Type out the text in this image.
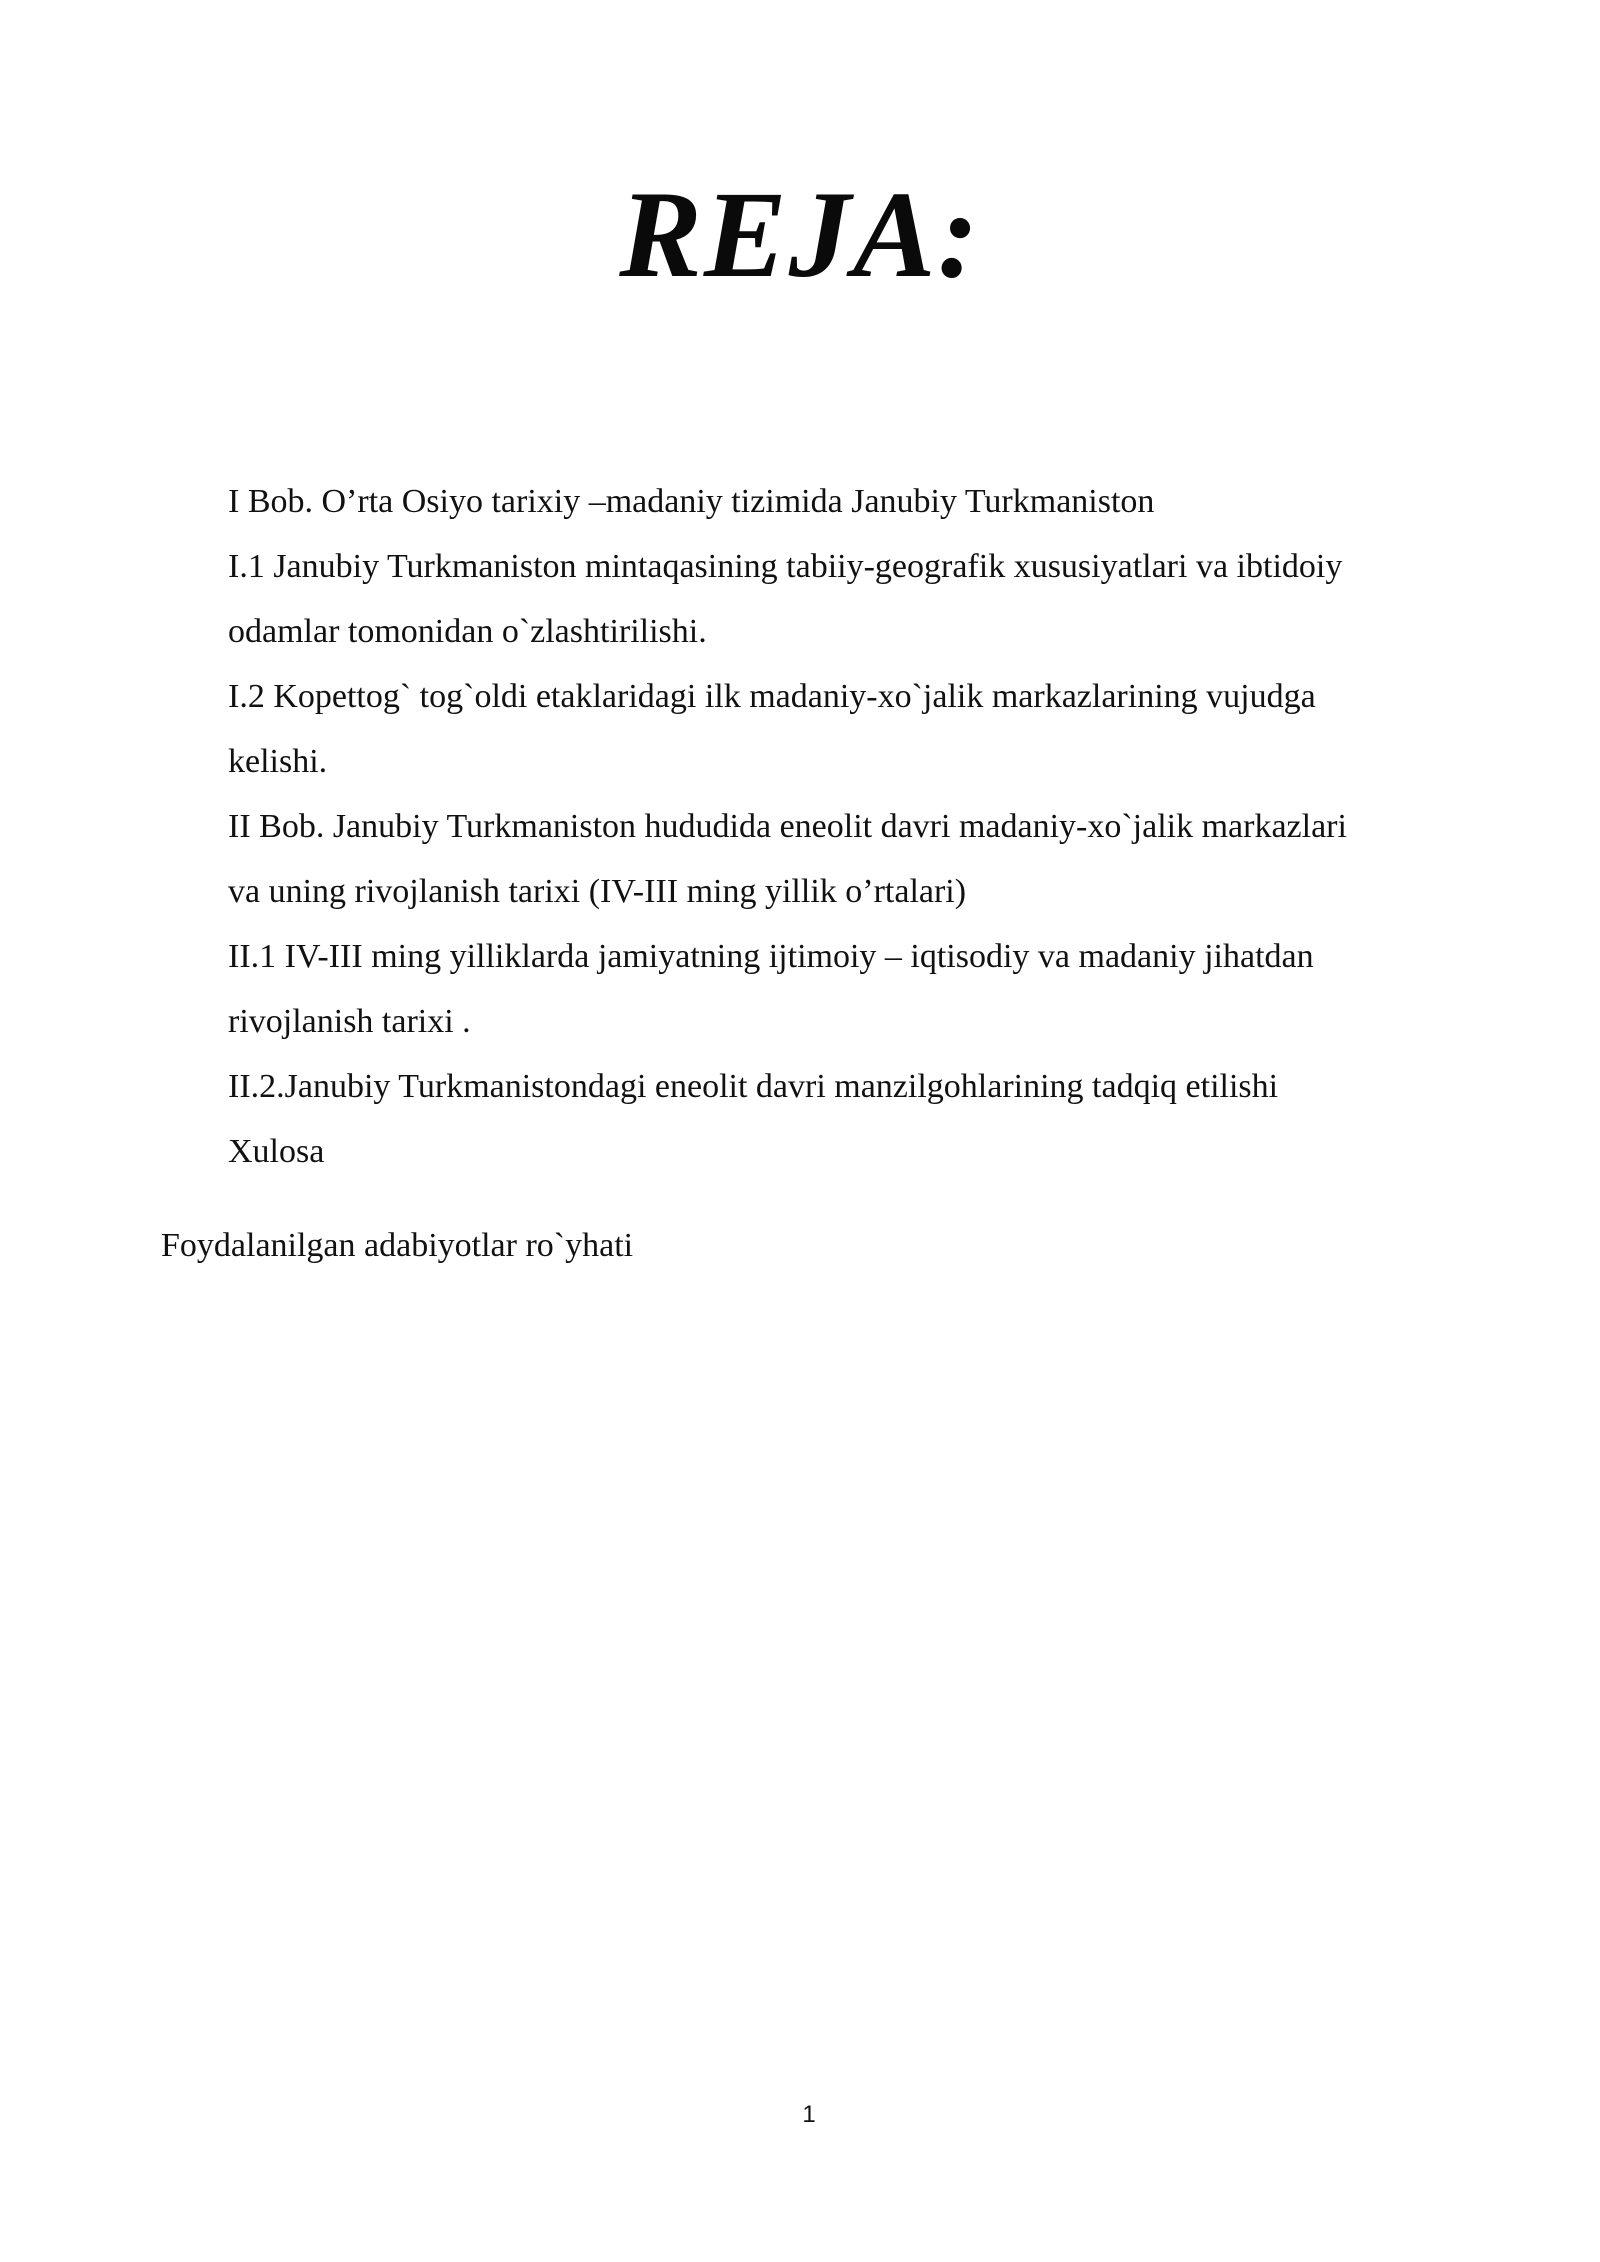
REJA:
I Bob. O’rta Osiyo tarixiy –madaniy tizimida Janubiy Turkmaniston
I.1 Janubiy Turkmaniston mintaqasining tabiiy-geografik xususiyatlari va ibtidoiy
odamlar tomonidan o`zlashtirilishi.
I.2 Kopettog` tog`oldi etaklaridagi ilk madaniy-xo`jalik markazlarining vujudga
kelishi.
II Bob. Janubiy Turkmaniston hududida eneolit davri madaniy-xo`jalik markazlari
va uning rivojlanish tarixi (IV-III ming yillik o’rtalari)
II.1 IV-III ming yilliklarda jamiyatning ijtimoiy – iqtisodiy va madaniy jihatdan
rivojlanish tarixi .
II.2.Janubiy Turkmanistondagi eneolit davri manzilgohlarining tadqiq etilishi
Xulosa
Foydalanilgan adabiyotlar ro`yhati
1
